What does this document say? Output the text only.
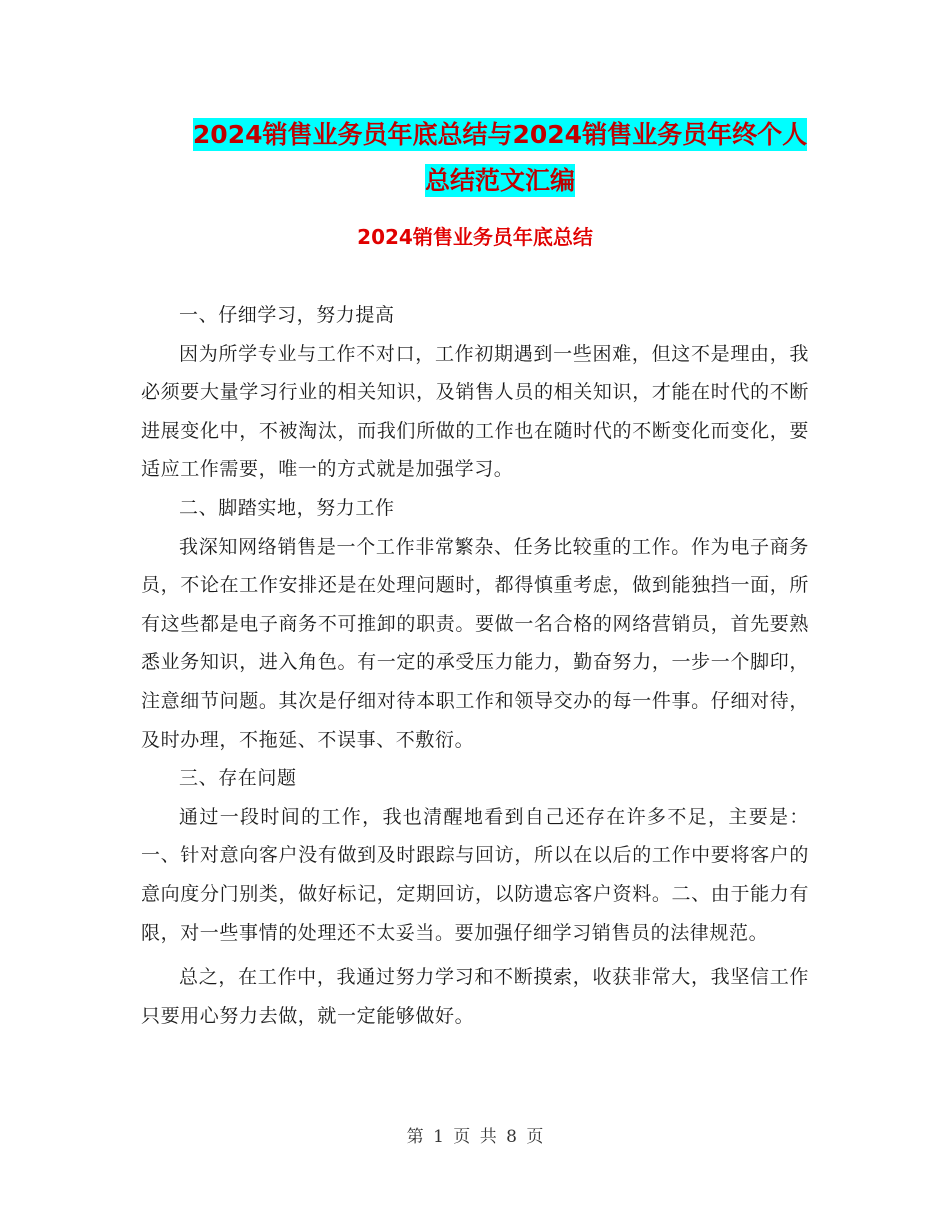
2024销售业务员年底总结与2024销售业务员年终个人
总结范文汇编
2024销售业务员年底总结

一、仔细学习，努力提高

因为所学专业与工作不对口，工作初期遇到一些困难，但这不是理由，我必须要大量学习行业的相关知识，及销售人员的相关知识，才能在时代的不断进展变化中，不被淘汰，而我们所做的工作也在随时代的不断变化而变化，要适应工作需要，唯一的方式就是加强学习。

二、脚踏实地，努力工作

我深知网络销售是一个工作非常繁杂、任务比较重的工作。作为电子商务员，不论在工作安排还是在处理问题时，都得慎重考虑，做到能独挡一面，所有这些都是电子商务不可推卸的职责。要做一名合格的网络营销员，首先要熟悉业务知识，进入角色。有一定的承受压力能力，勤奋努力，一步一个脚印，注意细节问题。其次是仔细对待本职工作和领导交办的每一件事。仔细对待，及时办理，不拖延、不误事、不敷衍。

三、存在问题

通过一段时间的工作，我也清醒地看到自己还存在许多不足，主要是：一、针对意向客户没有做到及时跟踪与回访，所以在以后的工作中要将客户的意向度分门别类，做好标记，定期回访，以防遗忘客户资料。二、由于能力有限，对一些事情的处理还不太妥当。要加强仔细学习销售员的法律规范。

总之，在工作中，我通过努力学习和不断摸索，收获非常大，我坚信工作只要用心努力去做，就一定能够做好。

第 1 页 共 8 页
